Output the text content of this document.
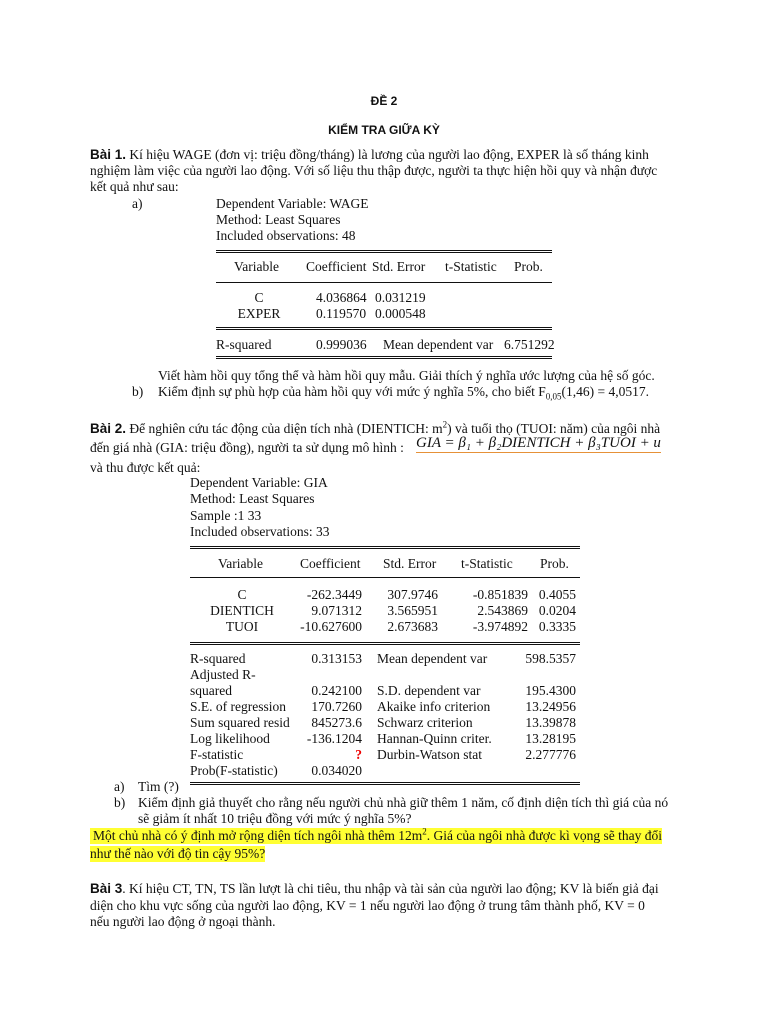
ĐỀ 2
KIỂM TRA GIỮA KỲ
Bài 1. Kí hiệu WAGE (đơn vị: triệu đồng/tháng) là lương của người lao động, EXPER là số tháng kinh
nghiệm làm việc của người lao động. Với số liệu thu thập được, người ta thực hiện hồi quy và nhận được
kết quả như sau:
a)	Dependent Variable: WAGE
Method: Least Squares
Included observations: 48
Variable Coefficient Std. Error t-Statistic Prob.
C	4.036864 0.031219
EXPER	0.119570 0.000548
R-squared	0.999036 Mean dependent var 6.751292
Viết hàm hồi quy tổng thể và hàm hồi quy mẫu. Giải thích ý nghĩa ước lượng của hệ số góc.
b) Kiểm định sự phù hợp của hàm hồi quy với mức ý nghĩa 5%, cho biết $F_{0,05}(1,46) = 4,0517$.
Bài 2. Để nghiên cứu tác động của diện tích nhà (DIENTICH: $m^2$) và tuổi thọ (TUOI: năm) của ngôi nhà
đến giá nhà (GIA: triệu đồng), người ta sử dụng mô hình : GIA = β₁ + β₂DIENTICH + β₃TUOI + u
và thu được kết quả:
Dependent Variable: GIA
Method: Least Squares
Sample :1 33
Included observations: 33
Variable	Coefficient Std. Error t-Statistic Prob.
C	-262.3449	307.9746	-0.851839 0.4055
DIENTICH	9.071312	3.565951	2.543869 0.0204
TUOI	-10.627600	2.673683	-3.974892 0.3335
R-squared	0.313153 Mean dependent var	598.5357
Adjusted R-
squared	0.242100 S.D. dependent var	195.4300
S.E. of regression	170.7260 Akaike info criterion	13.24956
Sum squared resid	845273.6 Schwarz criterion	13.39878
Log likelihood	-136.1204 Hannan-Quinn criter.	13.28195
F-statistic	? Durbin-Watson stat	2.277776
Prob(F-statistic)	0.034020
a) Tìm (?)
b) Kiểm định giả thuyết cho rằng nếu người chủ nhà giữ thêm 1 năm, cố định diện tích thì giá của nó
sẽ giảm ít nhất 10 triệu đồng với mức ý nghĩa 5%?
Một chủ nhà có ý định mở rộng diện tích ngôi nhà thêm $12m^2$. Giá của ngôi nhà được kì vọng sẽ thay đổi
như thế nào với độ tin cậy 95%?
Bài 3. Kí hiệu CT, TN, TS lần lượt là chi tiêu, thu nhập và tài sản của người lao động; KV là biến giả đại
diện cho khu vực sống của người lao động, KV = 1 nếu người lao động ở trung tâm thành phố, KV = 0
nếu người lao động ở ngoại thành.
